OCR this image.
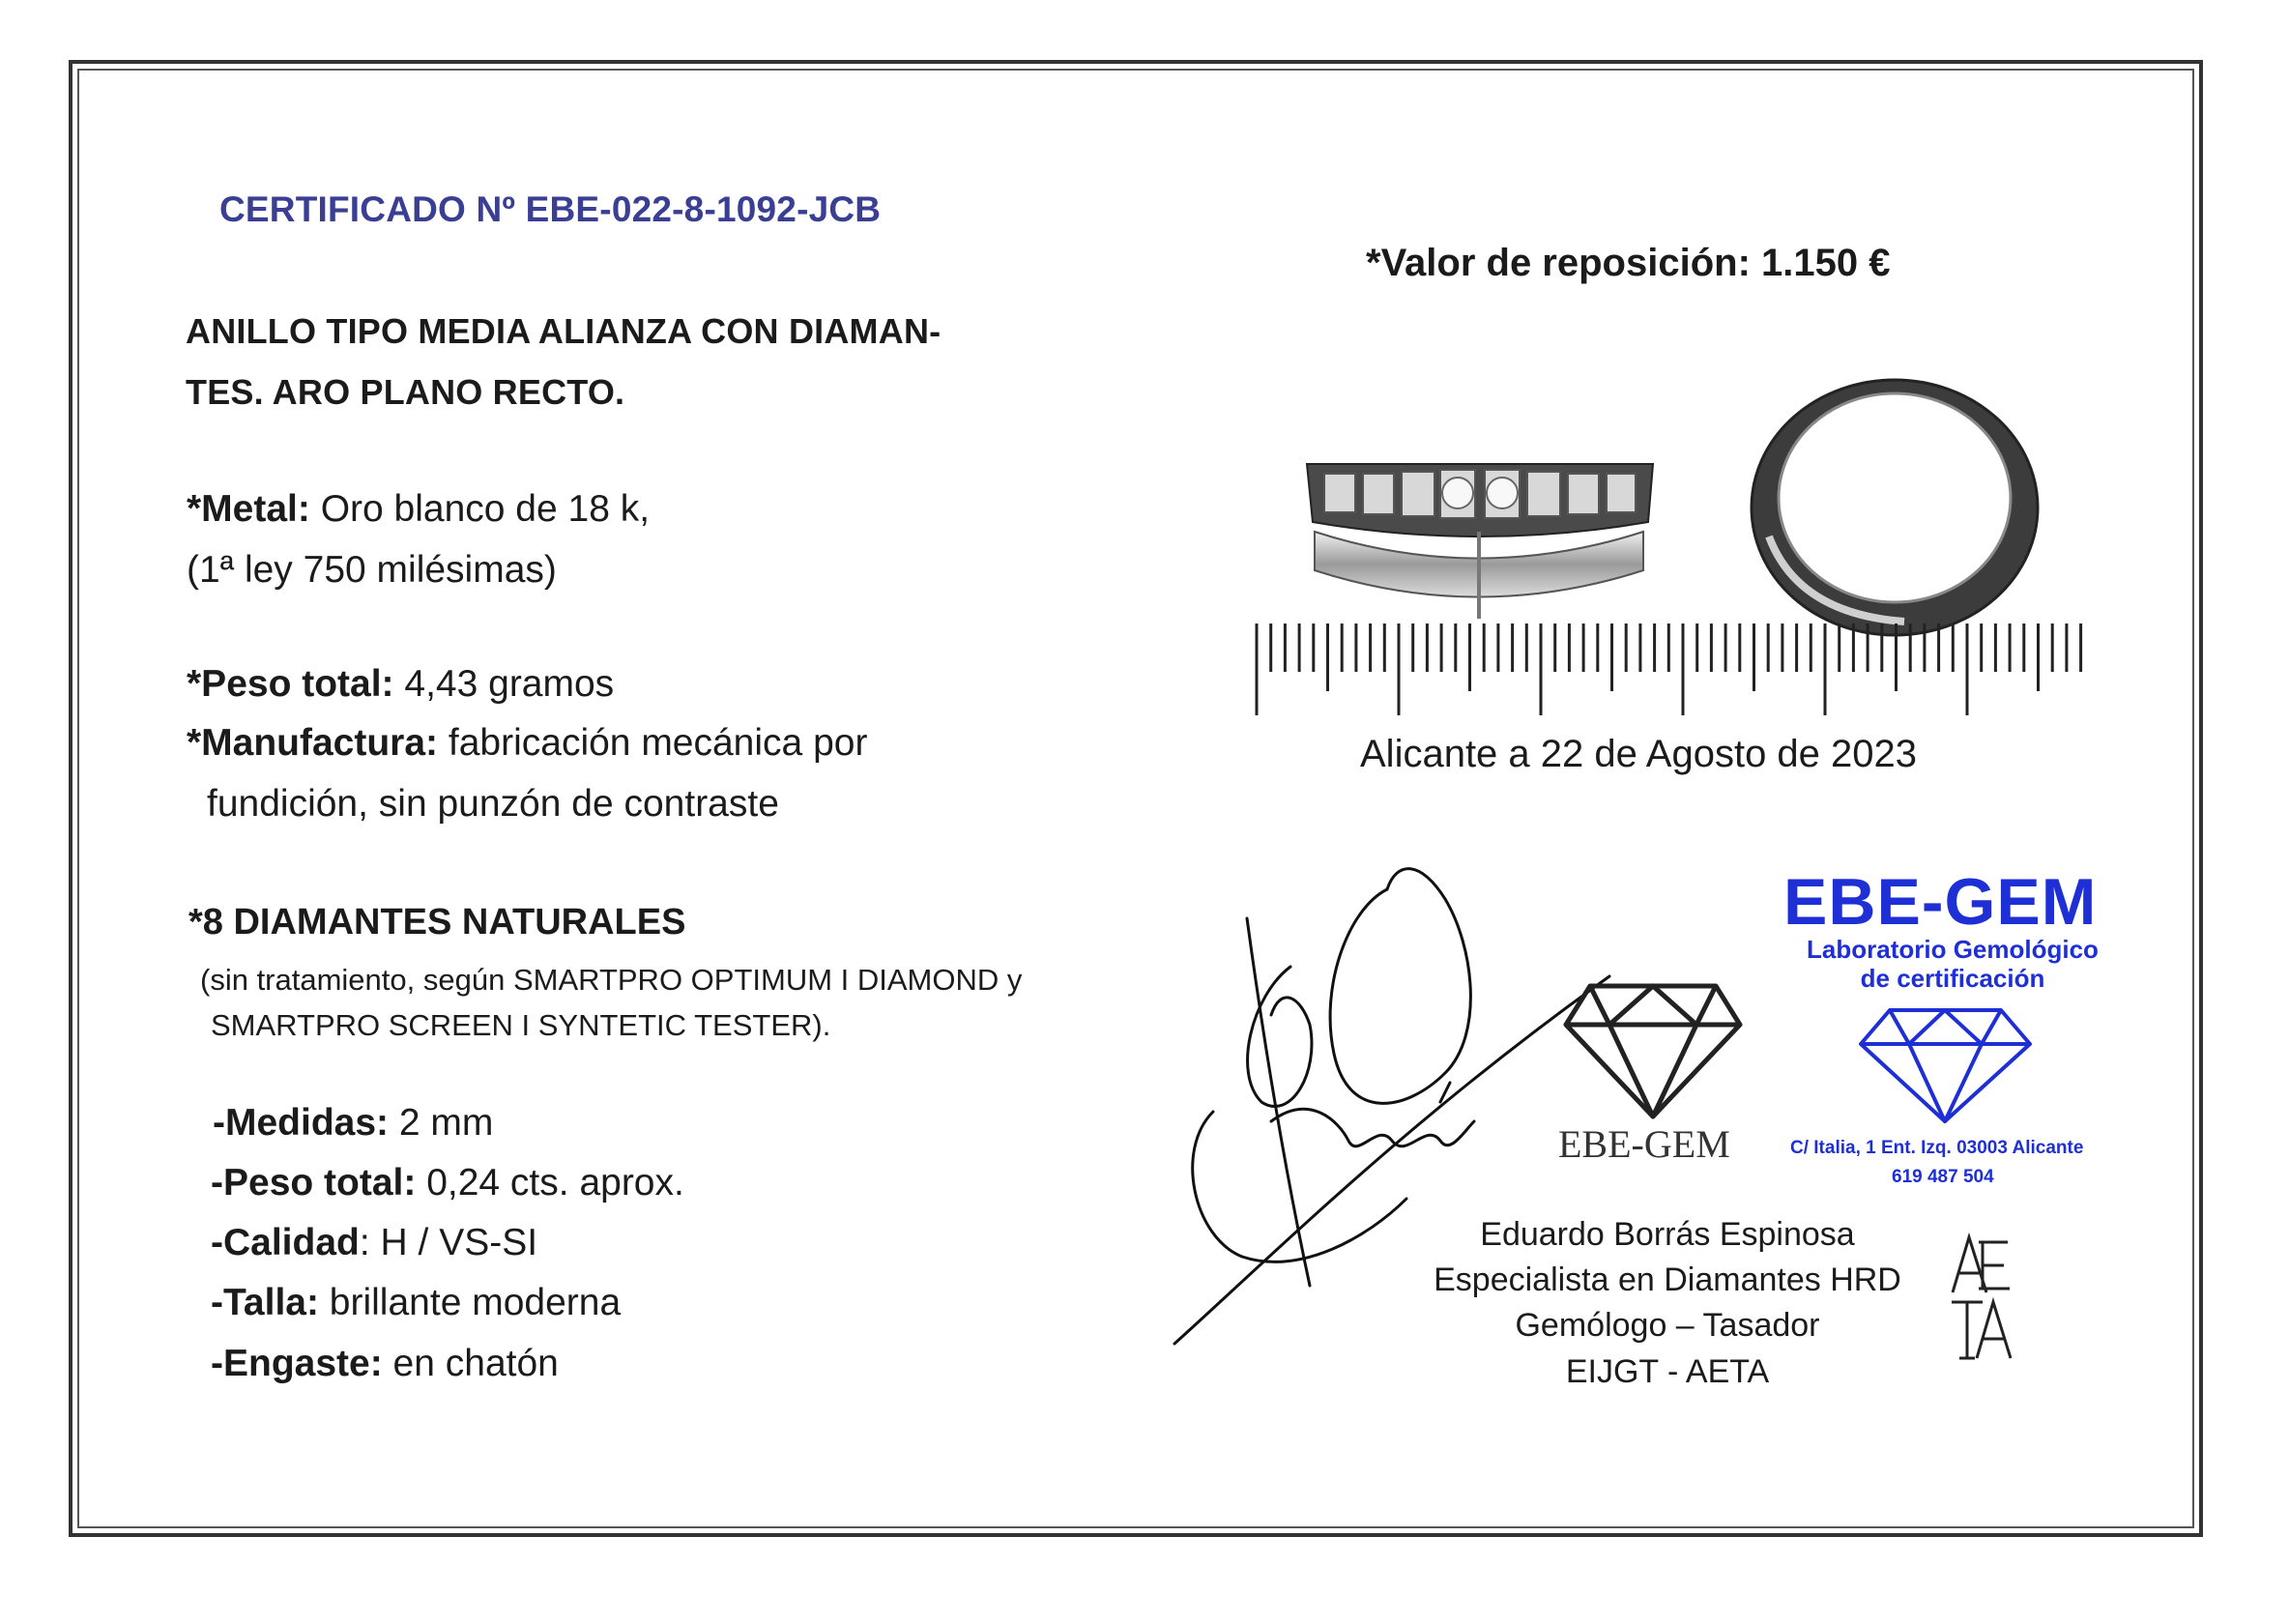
CERTIFICADO Nº EBE-022-8-1092-JCB
ANILLO TIPO MEDIA ALIANZA CON DIAMAN-
TES. ARO PLANO RECTO.
*Metal: Oro blanco de 18 k,
(1ª ley 750 milésimas)
*Peso total: 4,43 gramos
*Manufactura: fabricación mecánica por
fundición, sin punzón de contraste
*8 DIAMANTES NATURALES
(sin tratamiento, según SMARTPRO OPTIMUM I DIAMOND y
SMARTPRO SCREEN I SYNTETIC TESTER).
-Medidas: 2 mm
-Peso total: 0,24 cts. aprox.
-Calidad: H / VS-SI
-Talla: brillante moderna
-Engaste: en chatón
*Valor de reposición: 1.150 €
Alicante a 22 de Agosto de 2023
EBE-GEM
EBE-GEM
Laboratorio Gemológico
de certificación
C/ Italia, 1 Ent. Izq. 03003 Alicante
619 487 504
Eduardo Borrás Espinosa
Especialista en Diamantes HRD
Gemólogo – Tasador
EIJGT - AETA
